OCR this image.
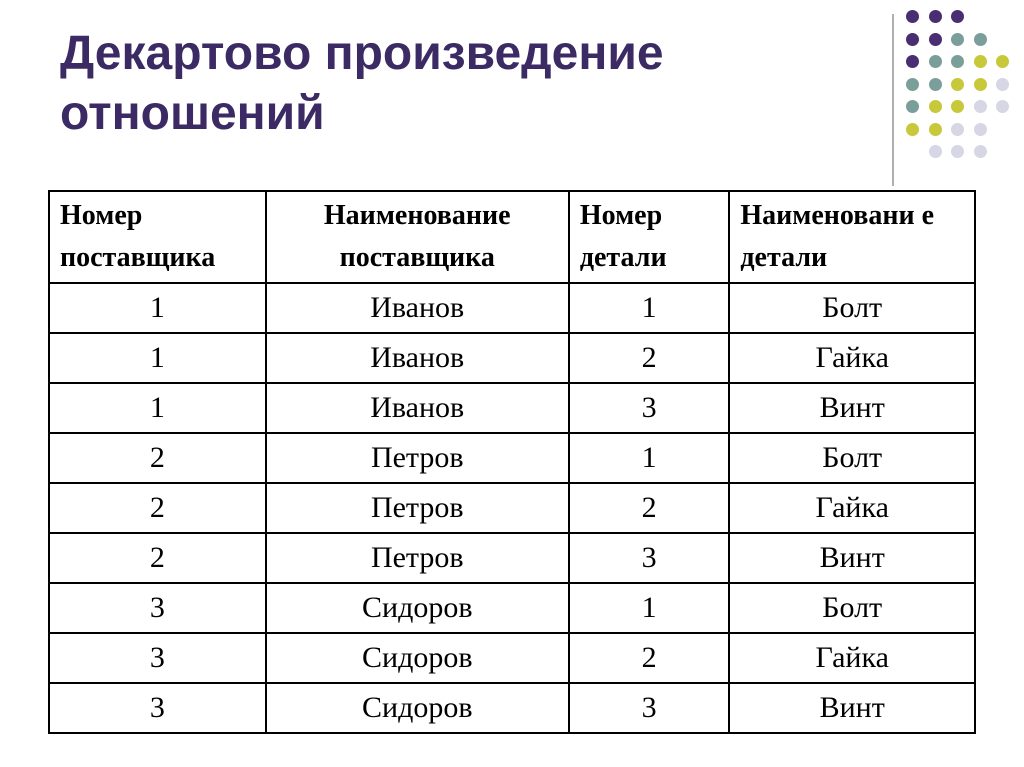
Декартово произведение
отношений
Номер поставщика	Наименование поставщика	Номер детали	Наименовани е детали
1	Иванов	1	Болт
1	Иванов	2	Гайка
1	Иванов	3	Винт
2	Петров	1	Болт
2	Петров	2	Гайка
2	Петров	3	Винт
3	Сидоров	1	Болт
3	Сидоров	2	Гайка
3	Сидоров	3	Винт
